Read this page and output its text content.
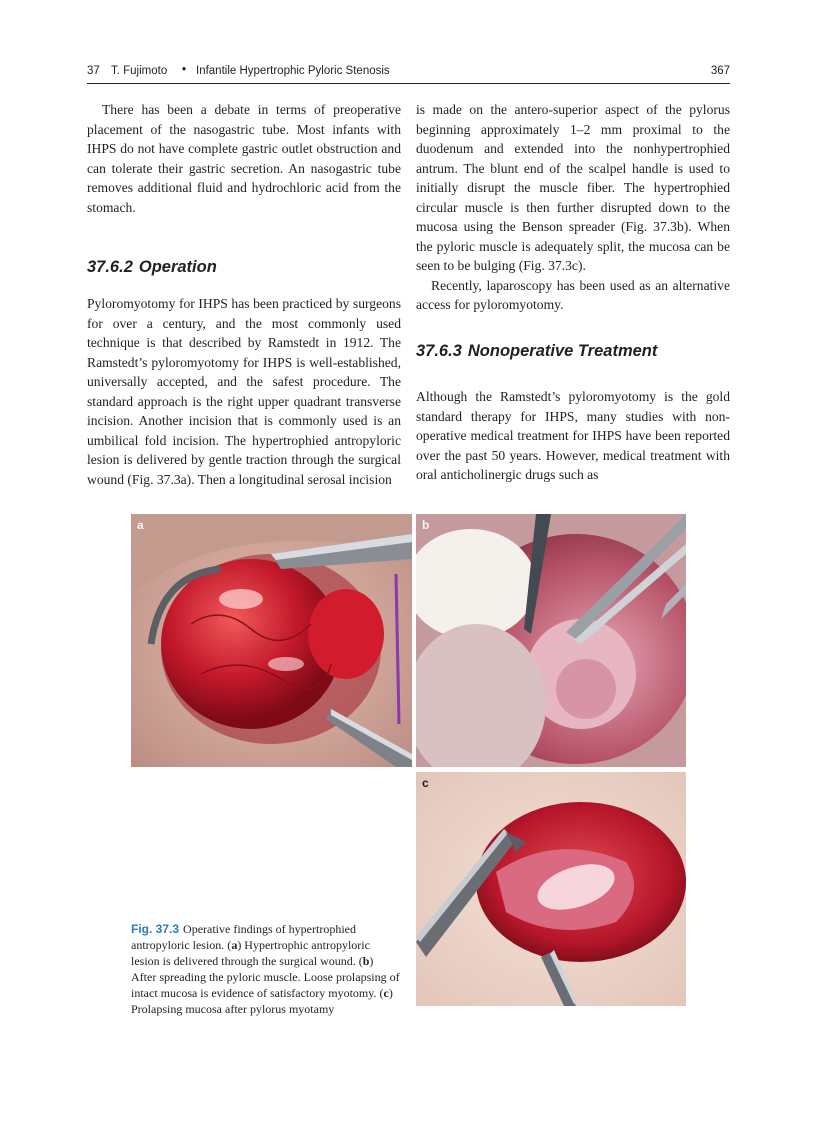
37 T. Fujimoto • Infantile Hypertrophic Pyloric Stenosis	367

There has been a debate in terms of preoperative placement of the nasogastric tube. Most infants with IHPS do not have complete gastric outlet obstruction and can tolerate their gastric secretion. An nasogastric tube removes additional fluid and hydrochloric acid from the stomach.

37.6.2 Operation

Pyloromyotomy for IHPS has been practiced by surgeons for over a century, and the most commonly used technique is that described by Ramstedt in 1912. The Ramstedt’s pyloromyotomy for IHPS is well-established, universally accepted, and the safest procedure. The standard approach is the right upper quadrant transverse incision. Another incision that is commonly used is an umbilical fold incision. The hypertrophied antropyloric lesion is delivered by gentle traction through the surgical wound (Fig. 37.3a). Then a longitudinal serosal incision

is made on the antero-superior aspect of the pylorus beginning approximately 1–2 mm proximal to the duodenum and extended into the nonhypertrophied antrum. The blunt end of the scalpel handle is used to initially disrupt the muscle fiber. The hypertrophied circular muscle is then further disrupted down to the mucosa using the Benson spreader (Fig. 37.3b). When the pyloric muscle is adequately split, the mucosa can be seen to be bulging (Fig. 37.3c).

Recently, laparoscopy has been used as an alternative access for pyloromyotomy.

37.6.3 Nonoperative Treatment

Although the Ramstedt’s pyloromyotomy is the gold standard therapy for IHPS, many studies with non-operative medical treatment for IHPS have been reported over the past 50 years. However, medical treatment with oral anticholinergic drugs such as

a	b
c
Fig. 37.3 Operative findings of hypertrophied antropyloric lesion. (a) Hypertrophic antropyloric lesion is delivered through the surgical wound. (b) After spreading the pyloric muscle. Loose prolapsing of intact mucosa is evidence of satisfactory myotomy. (c) Prolapsing mucosa after pylorus myotamy
